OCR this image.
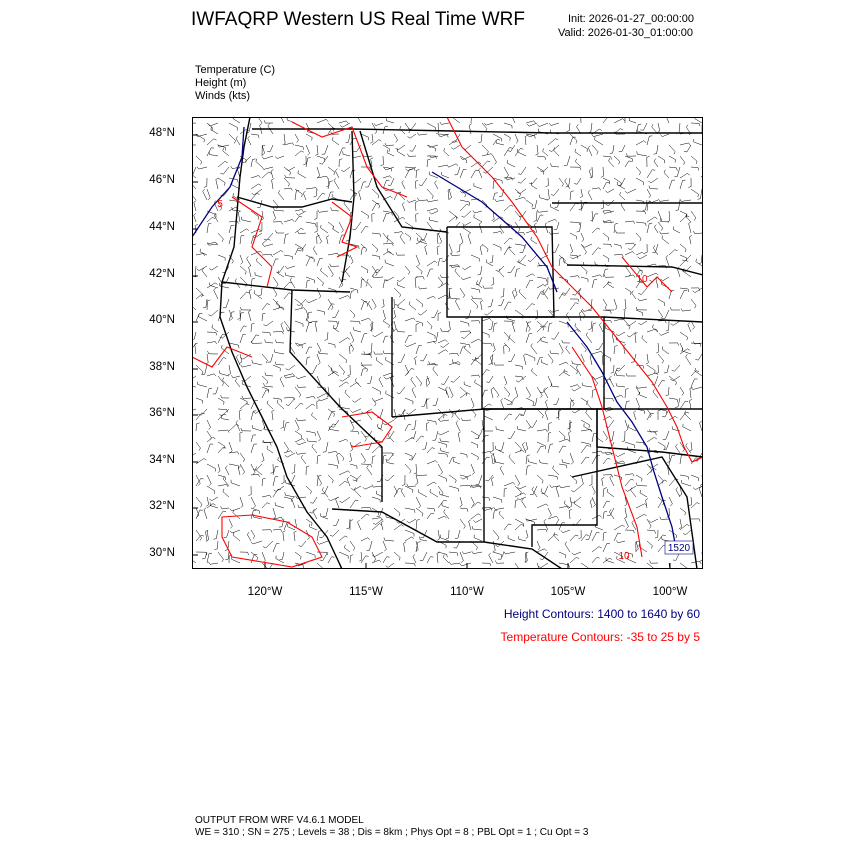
IWFAQRP Western US Real Time WRF	Init: 2026-01-27_00:00:00
Valid: 2026-01-30_01:00:00
Temperature (C)
Height (m)
Winds (kts)
48°N
46°N
44°N
42°N
40°N
38°N
36°N
34°N
32°N
30°N
120°W	115°W	110°W	105°W	100°W
1520
10
10
5
Height Contours: 1400 to 1640 by 60
Temperature Contours: -35 to 25 by 5
OUTPUT FROM WRF V4.6.1 MODEL
WE = 310 ; SN = 275 ; Levels = 38 ; Dis = 8km ; Phys Opt = 8 ; PBL Opt = 1 ; Cu Opt = 3
